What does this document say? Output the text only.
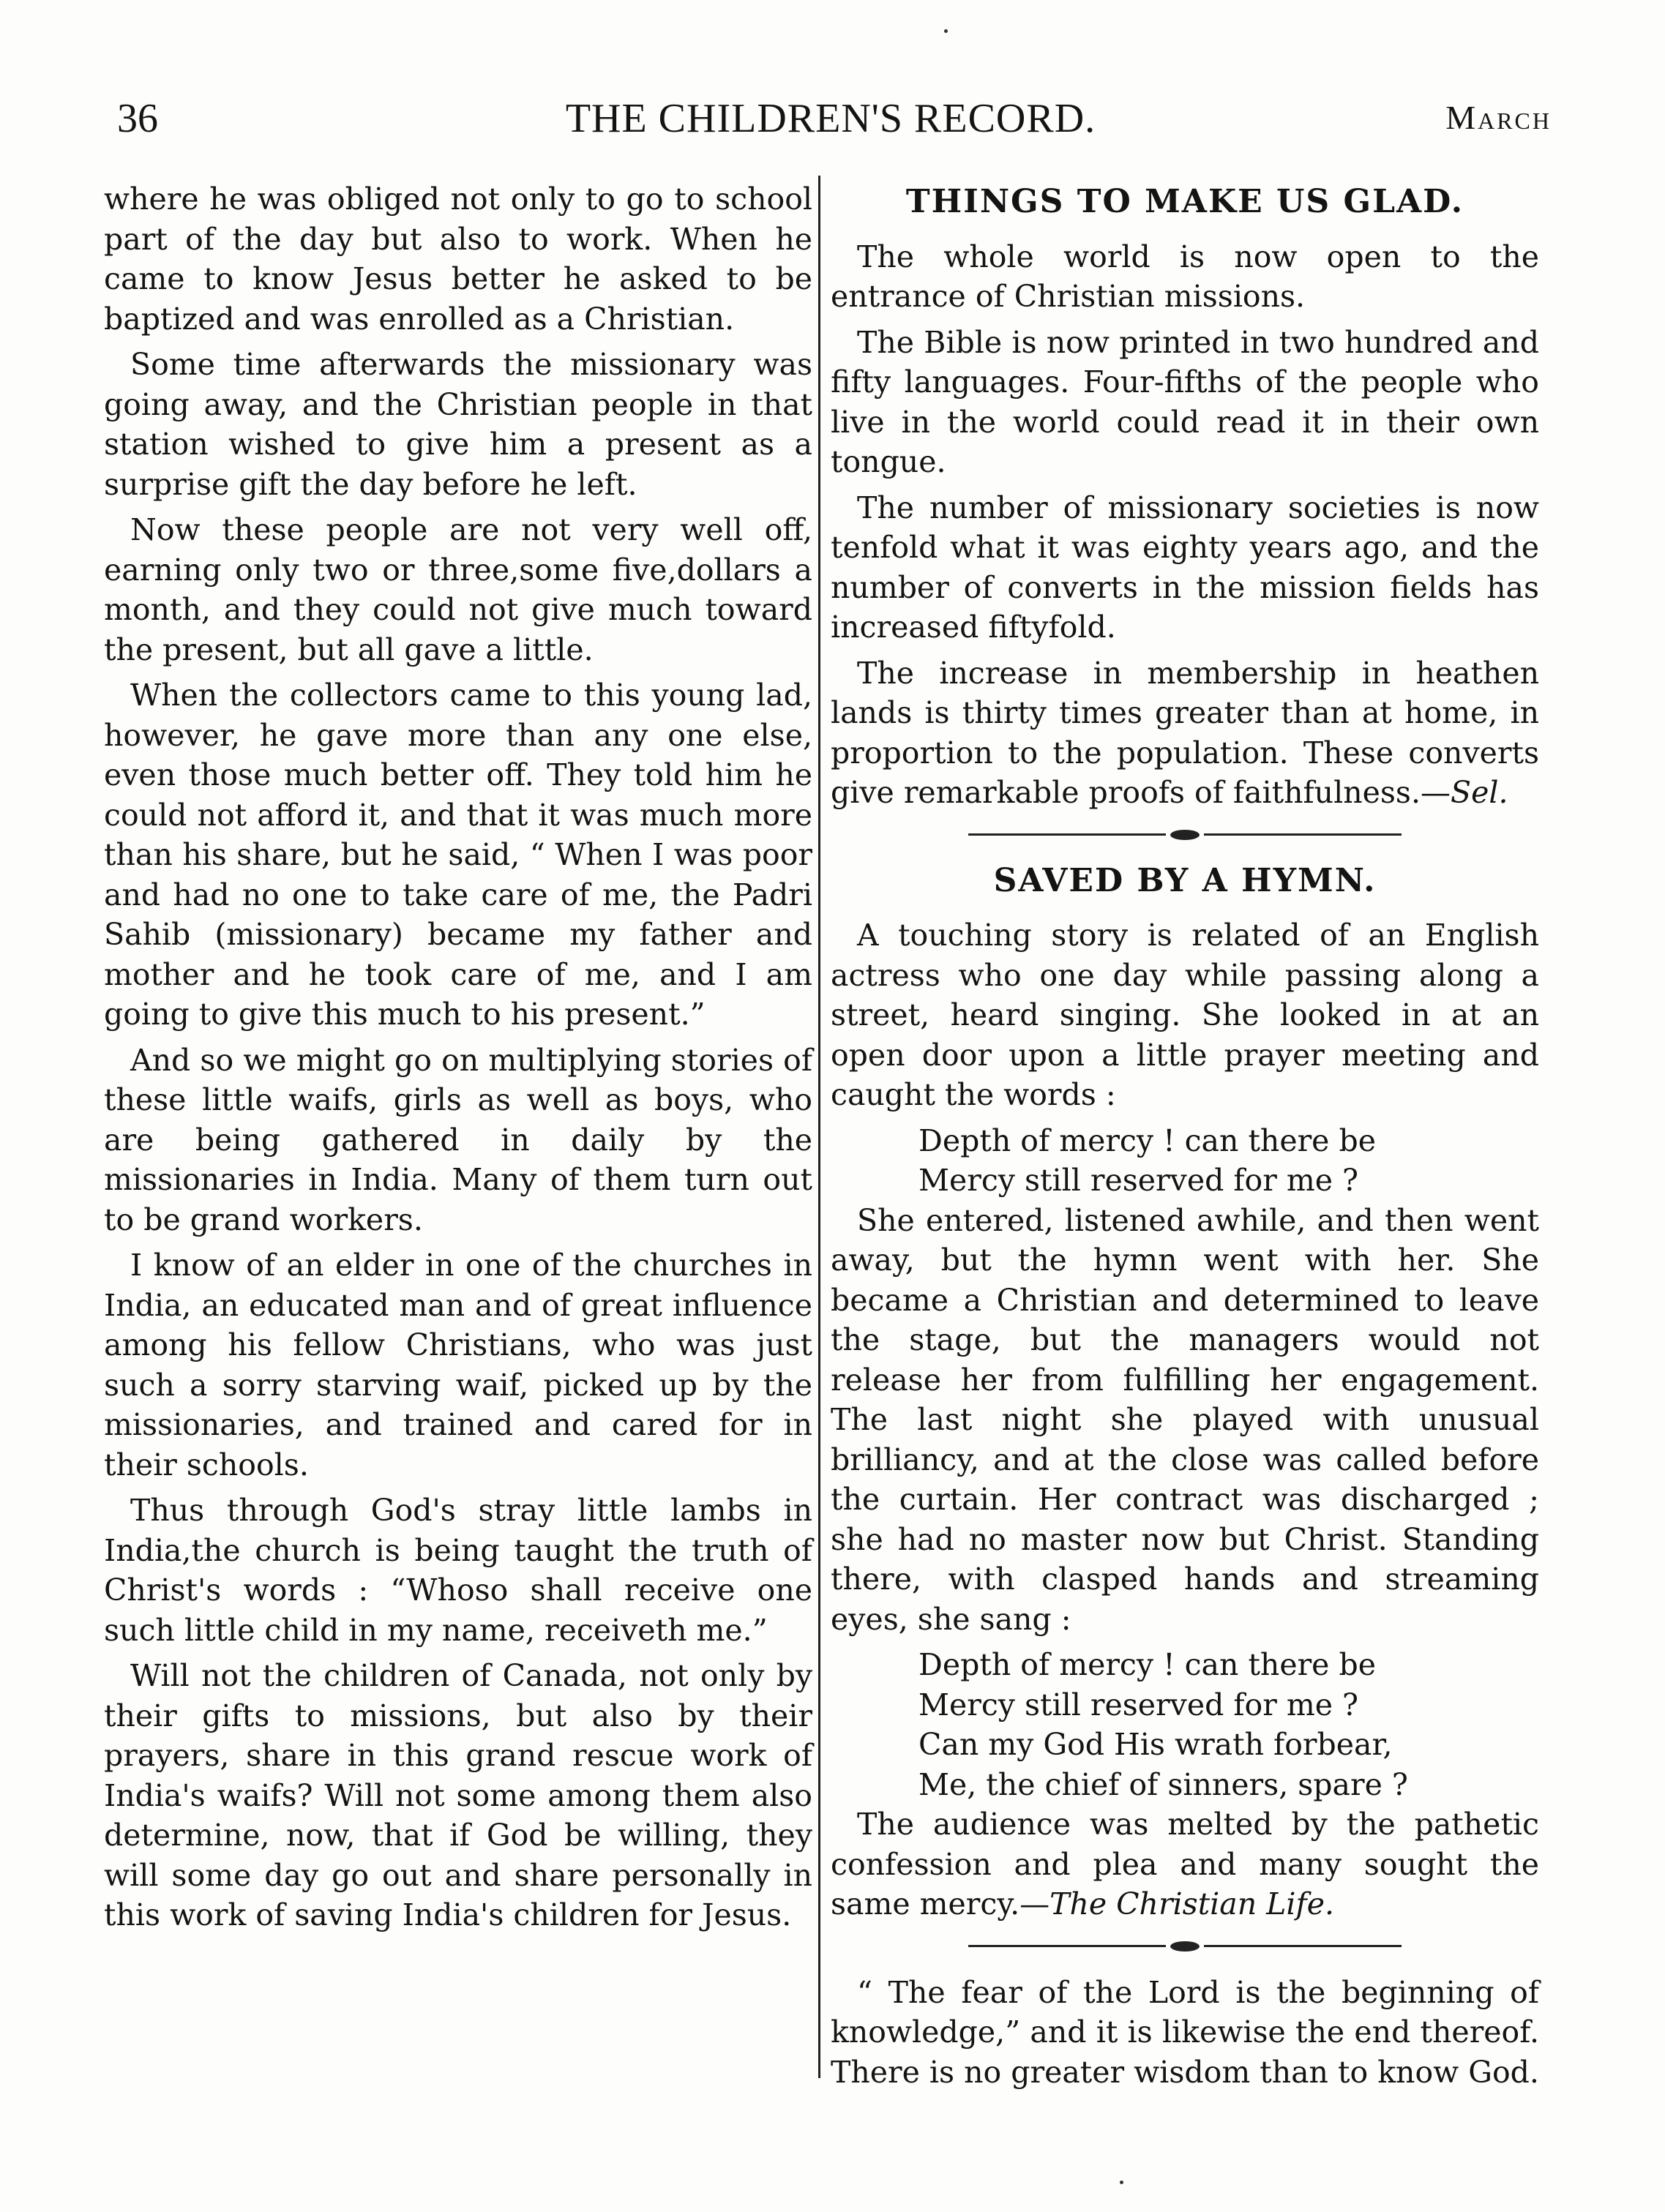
36	THE CHILDREN'S RECORD.	March

where he was obliged not only to go to school part of the day but also to work. When he came to know Jesus better he asked to be baptized and was enrolled as a Christian.

Some time afterwards the missionary was going away, and the Christian people in that station wished to give him a present as a surprise gift the day before he left.

Now these people are not very well off, earning only two or three,some five,dollars a month, and they could not give much toward the present, but all gave a little.

When the collectors came to this young lad, however, he gave more than any one else, even those much better off. They told him he could not afford it, and that it was much more than his share, but he said, “ When I was poor and had no one to take care of me, the Padri Sahib (missionary) became my father and mother and he took care of me, and I am going to give this much to his present.”

And so we might go on multiplying stories of these little waifs, girls as well as boys, who are being gathered in daily by the missionaries in India. Many of them turn out to be grand workers.

I know of an elder in one of the churches in India, an educated man and of great influence among his fellow Christians, who was just such a sorry starving waif, picked up by the missionaries, and trained and cared for in their schools.

Thus through God's stray little lambs in India,the church is being taught the truth of Christ's words : “Whoso shall receive one such little child in my name, receiveth me.”

Will not the children of Canada, not only by their gifts to missions, but also by their prayers, share in this grand rescue work of India's waifs? Will not some among them also determine, now, that if God be willing, they will some day go out and share personally in this work of saving India's children for Jesus.

THINGS TO MAKE US GLAD.

The whole world is now open to the entrance of Christian missions.

The Bible is now printed in two hundred and fifty languages. Four-fifths of the people who live in the world could read it in their own tongue.

The number of missionary societies is now tenfold what it was eighty years ago, and the number of converts in the mission fields has increased fiftyfold.

The increase in membership in heathen lands is thirty times greater than at home, in proportion to the population. These converts give remarkable proofs of faithfulness.—Sel.

SAVED BY A HYMN.

A touching story is related of an English actress who one day while passing along a street, heard singing. She looked in at an open door upon a little prayer meeting and caught the words :

Depth of mercy ! can there be
Mercy still reserved for me ?

She entered, listened awhile, and then went away, but the hymn went with her. She became a Christian and determined to leave the stage, but the managers would not release her from fulfilling her engagement. The last night she played with unusual brilliancy, and at the close was called before the curtain. Her contract was discharged ; she had no master now but Christ. Standing there, with clasped hands and streaming eyes, she sang :

Depth of mercy ! can there be
Mercy still reserved for me ?
Can my God His wrath forbear,
Me, the chief of sinners, spare ?

The audience was melted by the pathetic confession and plea and many sought the same mercy.—The Christian Life.

“ The fear of the Lord is the beginning of knowledge,” and it is likewise the end thereof. There is no greater wisdom than to know God.
